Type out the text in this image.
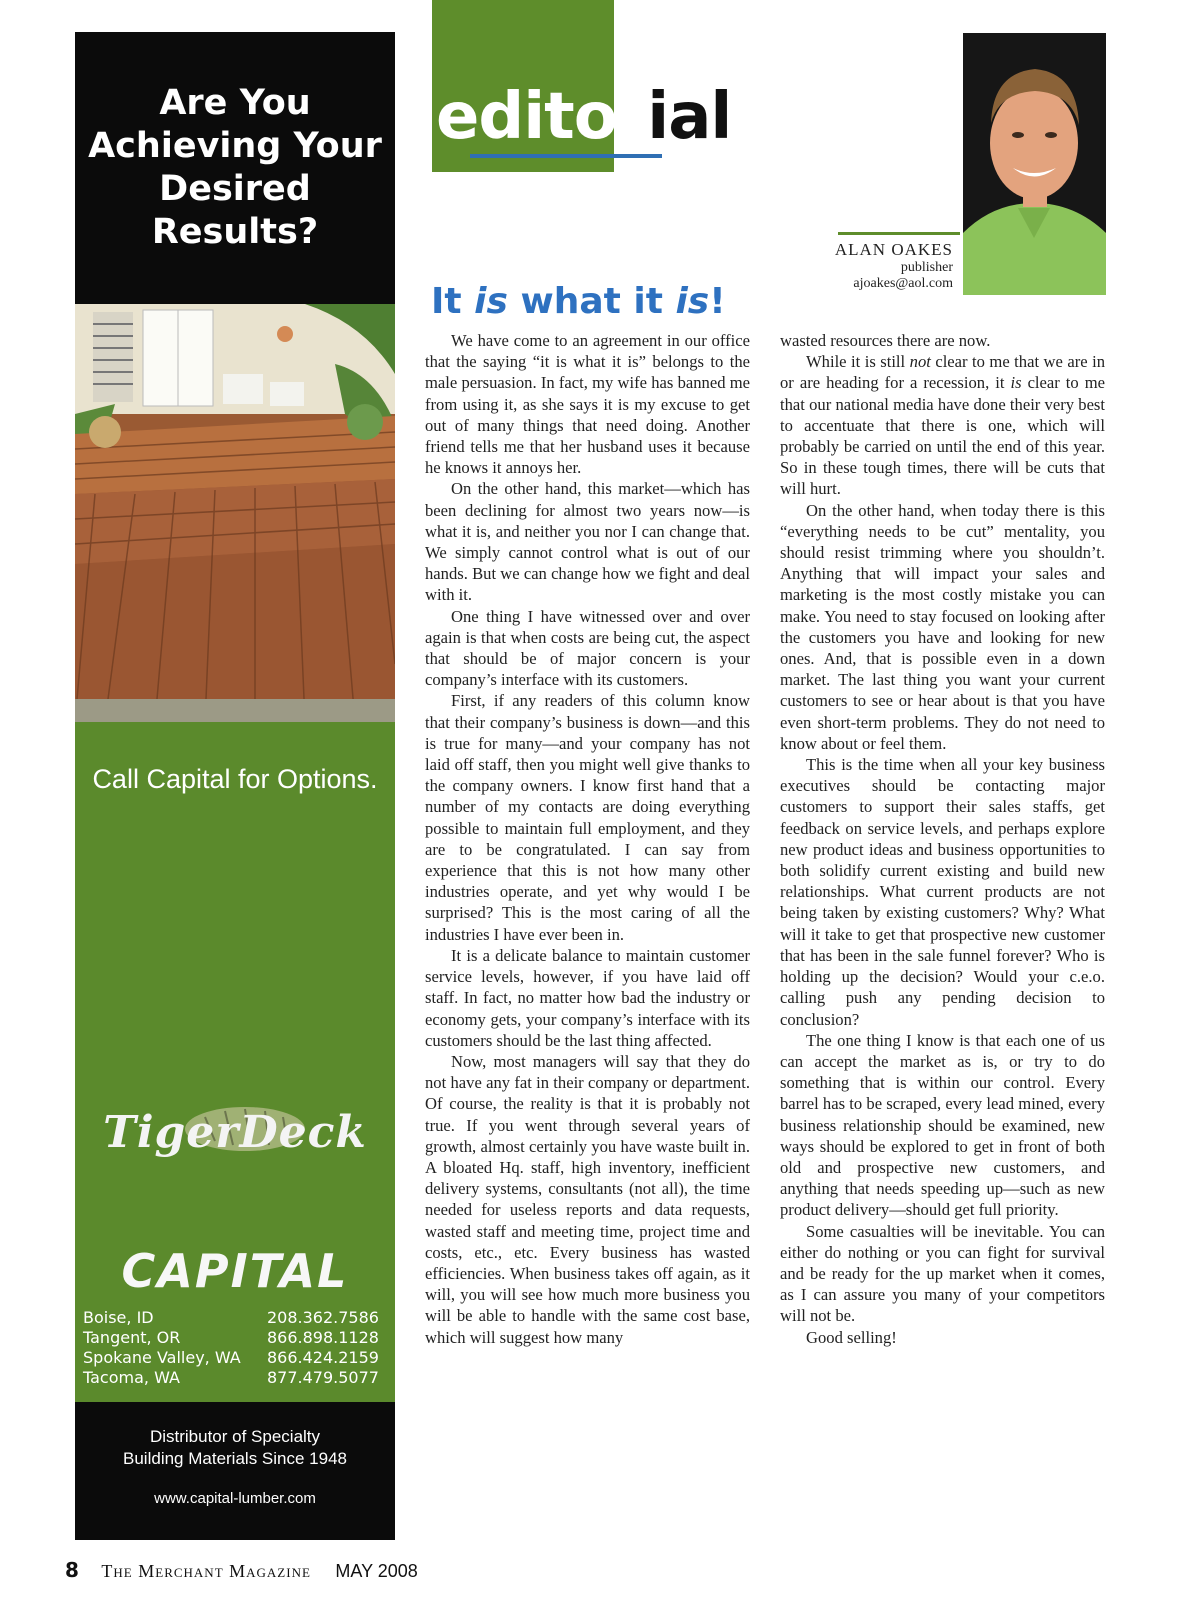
Are You Achieving Your Desired Results?
Call Capital for Options.
TigerDeck
CAPITAL
Boise, ID	208.362.7586
Tangent, OR	866.898.1128
Spokane Valley, WA 866.424.2159
Tacoma, WA	877.479.5077
Distributor of Specialty
Building Materials Since 1948
www.capital-lumber.com
editorial
ALAN OAKES
publisher
ajoakes@aol.com
It is what it is!

We have come to an agreement in our office that the saying “it is what it is” belongs to the male persuasion. In fact, my wife has banned me from using it, as she says it is my excuse to get out of many things that need doing. Another friend tells me that her husband uses it because he knows it annoys her.

On the other hand, this market—which has been declining for almost two years now—is what it is, and neither you nor I can change that. We simply cannot control what is out of our hands. But we can change how we fight and deal with it.

One thing I have witnessed over and over again is that when costs are being cut, the aspect that should be of major concern is your company’s interface with its customers.

First, if any readers of this column know that their company’s business is down—and this is true for many—and your company has not laid off staff, then you might well give thanks to the company owners. I know first hand that a number of my contacts are doing everything possible to maintain full employment, and they are to be congratulated. I can say from experience that this is not how many other industries operate, and yet why would I be surprised? This is the most caring of all the industries I have ever been in.

It is a delicate balance to maintain customer service levels, however, if you have laid off staff. In fact, no matter how bad the industry or economy gets, your company’s interface with its customers should be the last thing affected.

Now, most managers will say that they do not have any fat in their company or department. Of course, the reality is that it is probably not true. If you went through several years of growth, almost certainly you have waste built in. A bloated Hq. staff, high inventory, inefficient delivery systems, consultants (not all), the time needed for useless reports and data requests, wasted staff and meeting time, project time and costs, etc., etc. Every business has wasted efficiencies. When business takes off again, as it will, you will see how much more business you will be able to handle with the same cost base, which will suggest how many

wasted resources there are now.

While it is still not clear to me that we are in or are heading for a recession, it is clear to me that our national media have done their very best to accentuate that there is one, which will probably be carried on until the end of this year. So in these tough times, there will be cuts that will hurt.

On the other hand, when today there is this “everything needs to be cut” mentality, you should resist trimming where you shouldn’t. Anything that will impact your sales and marketing is the most costly mistake you can make. You need to stay focused on looking after the customers you have and looking for new ones. And, that is possible even in a down market. The last thing you want your current customers to see or hear about is that you have even short-term problems. They do not need to know about or feel them.

This is the time when all your key business executives should be contacting major customers to support their sales staffs, get feedback on service levels, and perhaps explore new product ideas and business opportunities to both solidify current existing and build new relationships. What current products are not being taken by existing customers? Why? What will it take to get that prospective new customer that has been in the sale funnel forever? Who is holding up the decision? Would your c.e.o. calling push any pending decision to conclusion?

The one thing I know is that each one of us can accept the market as is, or try to do something that is within our control. Every barrel has to be scraped, every lead mined, every business relationship should be examined, new ways should be explored to get in front of both old and prospective new customers, and anything that needs speeding up—such as new product delivery—should get full priority.

Some casualties will be inevitable. You can either do nothing or you can fight for survival and be ready for the up market when it comes, as I can assure you many of your competitors will not be.

Good selling!

8 The Merchant Magazine MAY 2008
